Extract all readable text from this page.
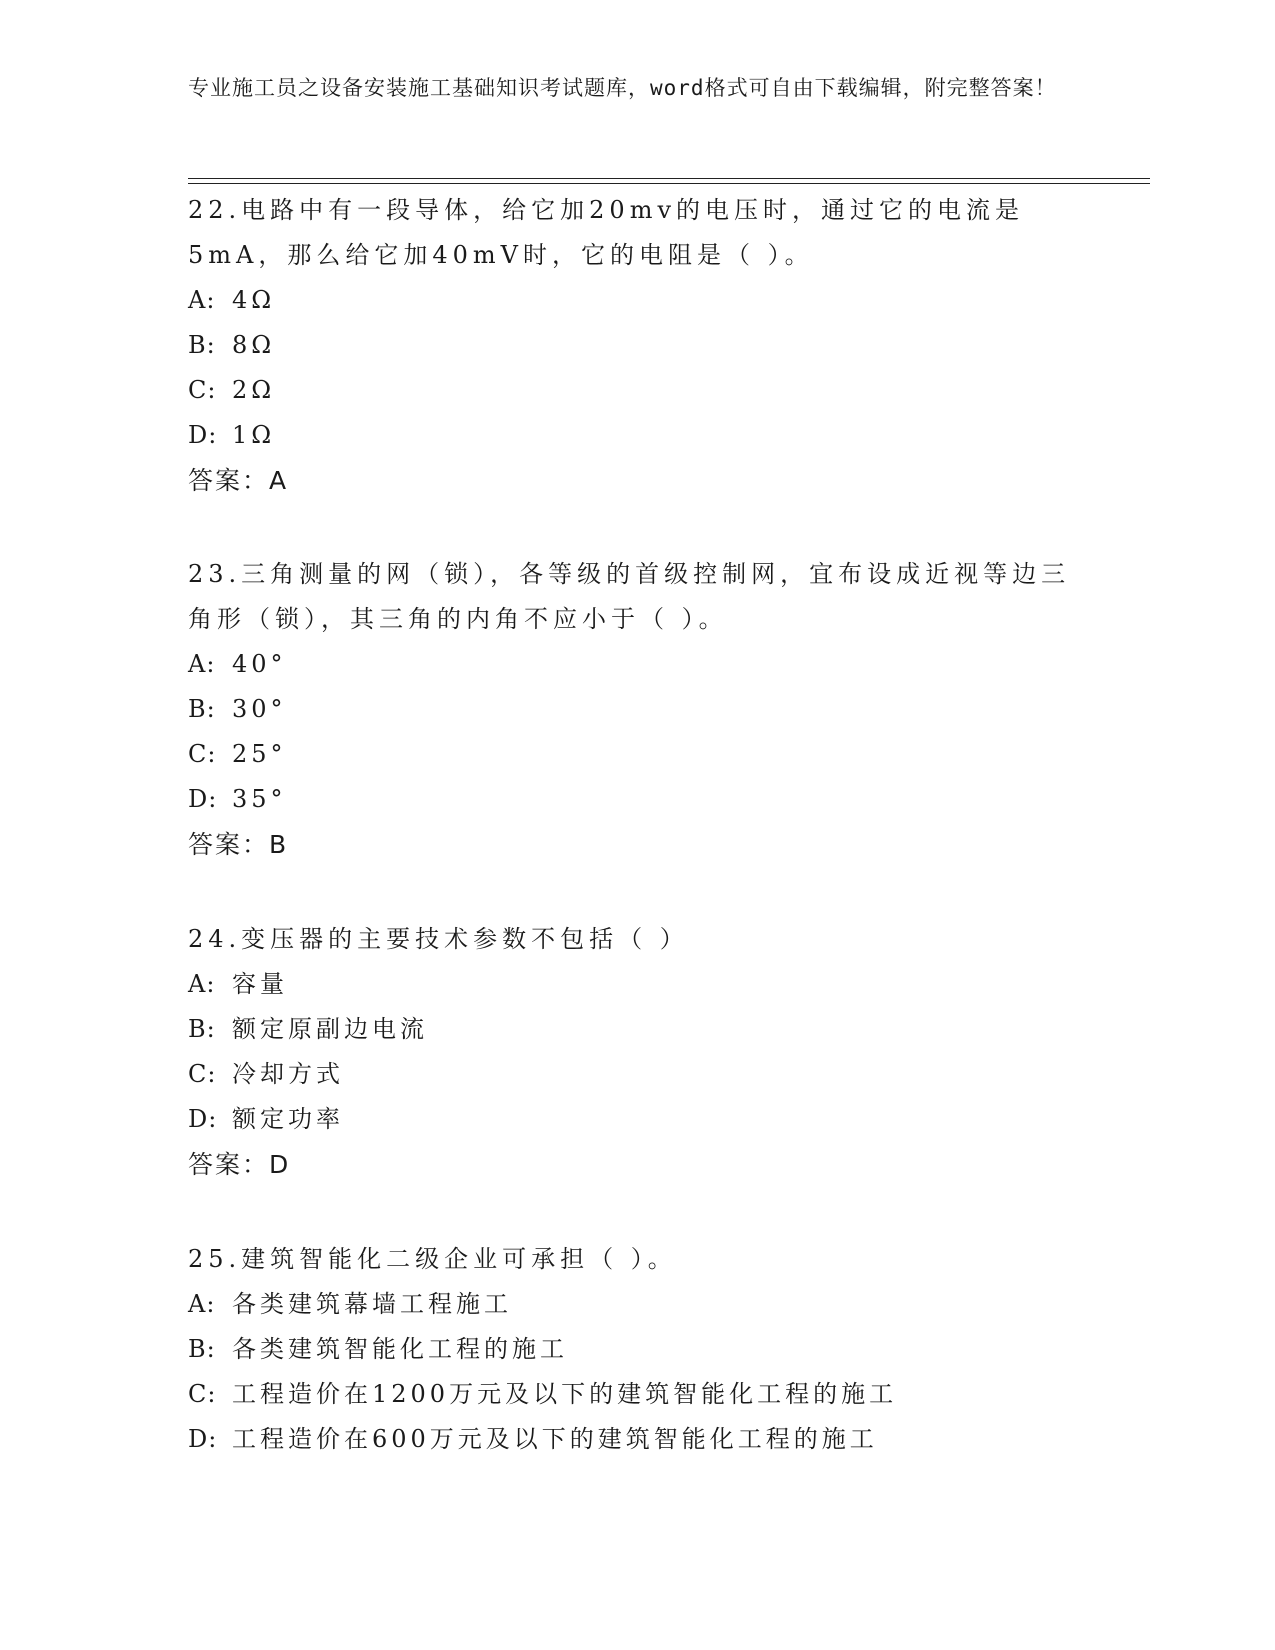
专业施工员之设备安装施工基础知识考试题库，word格式可自由下载编辑，附完整答案！

22.电路中有一段导体，给它加20mv的电压时，通过它的电流是5mA，那么给它加40mV时，它的电阻是（ ）。

A: 4Ω

B: 8Ω

C: 2Ω

D: 1Ω

答案：A

23.三角测量的网（锁），各等级的首级控制网，宜布设成近视等边三角形（锁），其三角的内角不应小于（ ）。

A: 40°

B: 30°

C: 25°

D: 35°

答案：B

24.变压器的主要技术参数不包括（ ）

A: 容量

B: 额定原副边电流

C: 冷却方式

D: 额定功率

答案：D

25.建筑智能化二级企业可承担（ ）。

A: 各类建筑幕墙工程施工

B: 各类建筑智能化工程的施工

C: 工程造价在1200万元及以下的建筑智能化工程的施工

D: 工程造价在600万元及以下的建筑智能化工程的施工
